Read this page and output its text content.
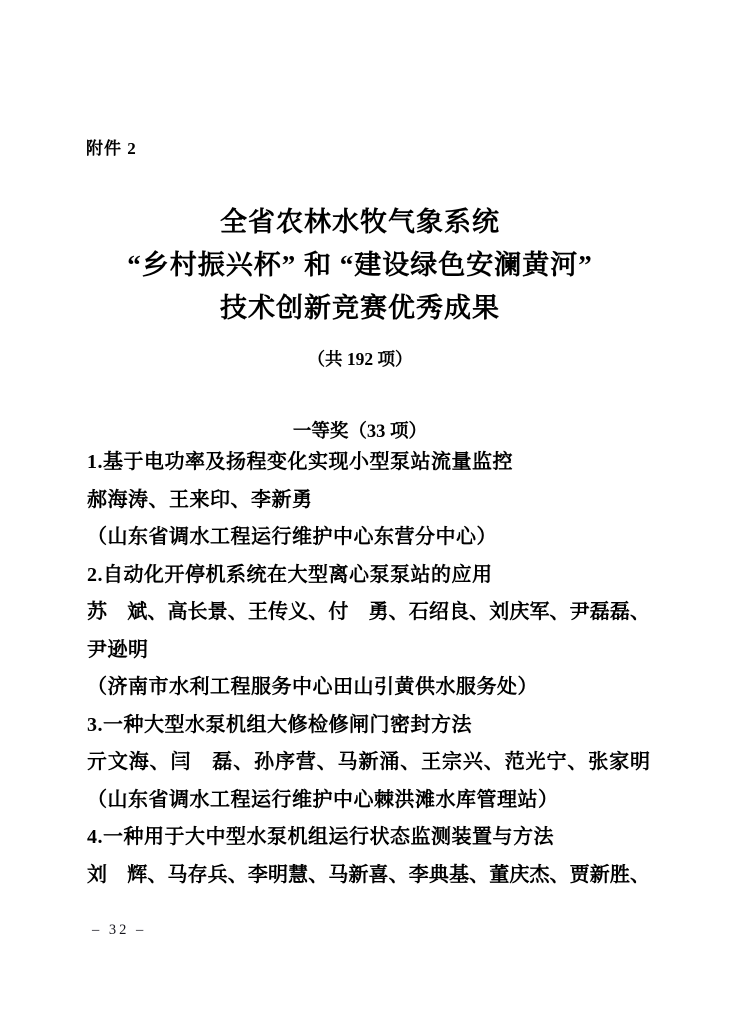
附件 2
全省农林水牧气象系统
“乡村振兴杯” 和 “建设绿色安澜黄河”
技术创新竞赛优秀成果
（共 192 项）
一等奖（33 项）
1.基于电功率及扬程变化实现小型泵站流量监控
郝海涛、王来印、李新勇
（山东省调水工程运行维护中心东营分中心）
2.自动化开停机系统在大型离心泵泵站的应用
苏　斌、高长景、王传义、付　勇、石绍良、刘庆军、尹磊磊、
尹逊明
（济南市水利工程服务中心田山引黄供水服务处）
3.一种大型水泵机组大修检修闸门密封方法
亓文海、闫　磊、孙序营、马新涌、王宗兴、范光宁、张家明
（山东省调水工程运行维护中心棘洪滩水库管理站）
4.一种用于大中型水泵机组运行状态监测装置与方法
刘　辉、马存兵、李明慧、马新喜、李典基、董庆杰、贾新胜、
– 32 –
